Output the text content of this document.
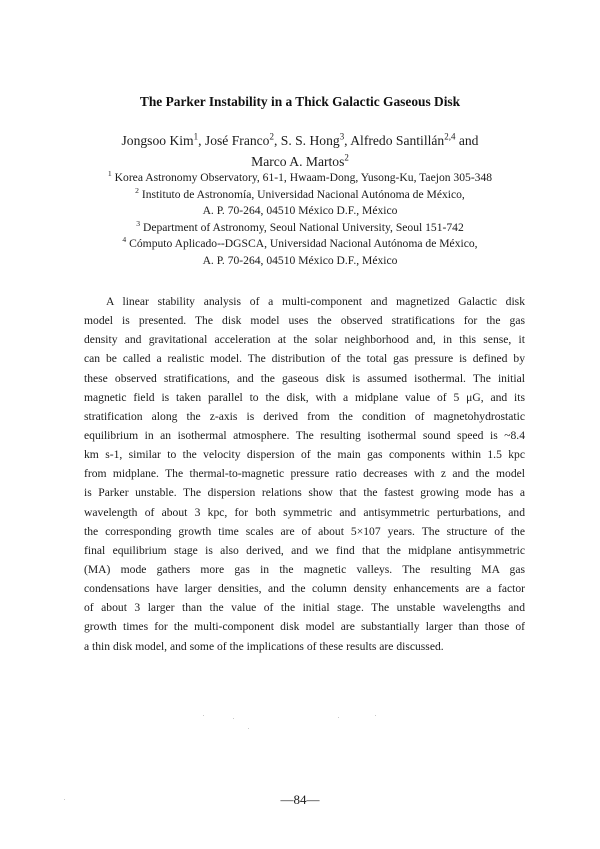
The Parker Instability in a Thick Galactic Gaseous Disk
Jongsoo Kim$^1$, José Franco$^2$, S. S. Hong$^3$, Alfredo Santillán$^{2,4}$ and
Marco A. Martos$^2$
$^1$ Korea Astronomy Observatory, 61-1, Hwaam-Dong, Yusong-Ku, Taejon 305-348
$^2$ Instituto de Astronomía, Universidad Nacional Autónoma de México,
A. P. 70-264, 04510 México D.F., México
$^3$ Department of Astronomy, Seoul National University, Seoul 151-742
$^4$ Cómputo Aplicado--DGSCA, Universidad Nacional Autónoma de México,
A. P. 70-264, 04510 México D.F., México
A linear stability analysis of a multi-component and magnetized Galactic disk
model is presented. The disk model uses the observed stratifications for the gas
density and gravitational acceleration at the solar neighborhood and, in this sense, it
can be called a realistic model. The distribution of the total gas pressure is defined by
these observed stratifications, and the gaseous disk is assumed isothermal. The initial
magnetic field is taken parallel to the disk, with a midplane value of 5 μG, and its
stratification along the z-axis is derived from the condition of magnetohydrostatic
equilibrium in an isothermal atmosphere. The resulting isothermal sound speed is ~8.4
km s-1, similar to the velocity dispersion of the main gas components within 1.5 kpc
from midplane. The thermal-to-magnetic pressure ratio decreases with z and the model
is Parker unstable. The dispersion relations show that the fastest growing mode has a
wavelength of about 3 kpc, for both symmetric and antisymmetric perturbations, and
the corresponding growth time scales are of about 5×107 years. The structure of the
final equilibrium stage is also derived, and we find that the midplane antisymmetric
(MA) mode gathers more gas in the magnetic valleys. The resulting MA gas
condensations have larger densities, and the column density enhancements are a factor
of about 3 larger than the value of the initial stage. The unstable wavelengths and
growth times for the multi-component disk model are substantially larger than those of
a thin disk model, and some of the implications of these results are discussed.
—84—
